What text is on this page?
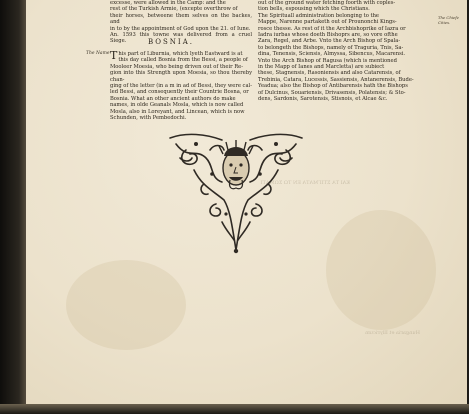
excesse, were allowed in the Camp: and the

rest of the Turkish Armie, (excepte overthrow of

their horses, betweene them selves on the backes, and

in to by the appointment of God upon the 21. of Iune.

An. 1593 this towne was delivered from a cruel Siege.	BOSNIA.
The Name. T his part of Liburnia, which lyeth Eastward is at

this day called Bosnia from the Bessi, a people of

Mooleer Moesia, who being driven out of their Re-

gion into this Strength upon Moesia, so thou thereby chan-

ging of the letter (in a m in ad of Bessi, they were cal-

led Bessi, and consequently their Countrie Bosna, or

Bosnia. What an other ancient authors do make

names, in olde Geanals Mosla, which is now called

Mosla, also in Loreyant, and Lincean, which is now

Schunden, with Pembedochi.

out of the ground water fetching foorth with coples-

tion bells, espousing which the Christians.

The Spirituall administration belonging to the

Mappe, Narenne partaketh out of Prounonchi Kings-

rosce thesse. As rest of it the Archbishoprike of Iazra or

Iadra iurbas whose doeth Bishoprs are, so vore ofthe

Zara, Regel, and Arbe. Vnto the Arch Bishop of Spala-

to belongeth the Bishops, namely of Traguria, Tnis, Sa-

dina, Tenensis, Sciensis, Almyssa, Sibencus, Macarensi.

Vnto the Arch Bishop of Ragusa (which is mentioned

in the Mapp of Ianes and Marcletta) are subiect

these, Stagnensis, Rasoniensis and also Catarensis, of

Trebinia, Catara, Lucessis, Sassiensis, Antanerensis, Bude-

Yeadua; also the Bishop of Antibarensis hath the Bishops

of Dulcinus, Souariensis, Drivasensis, Polatensis; & Sto-

dens, Sardonis, Sarotensis, Stisnois, et Alcae &c.

The Chiefe Cities.

ΚΑΙ ΤΑ ΣΤΙΓΜΑΤΑ ΕΝ ΤΩ ΣΩΜΑΤΙ

Hungaria et Illyricum
